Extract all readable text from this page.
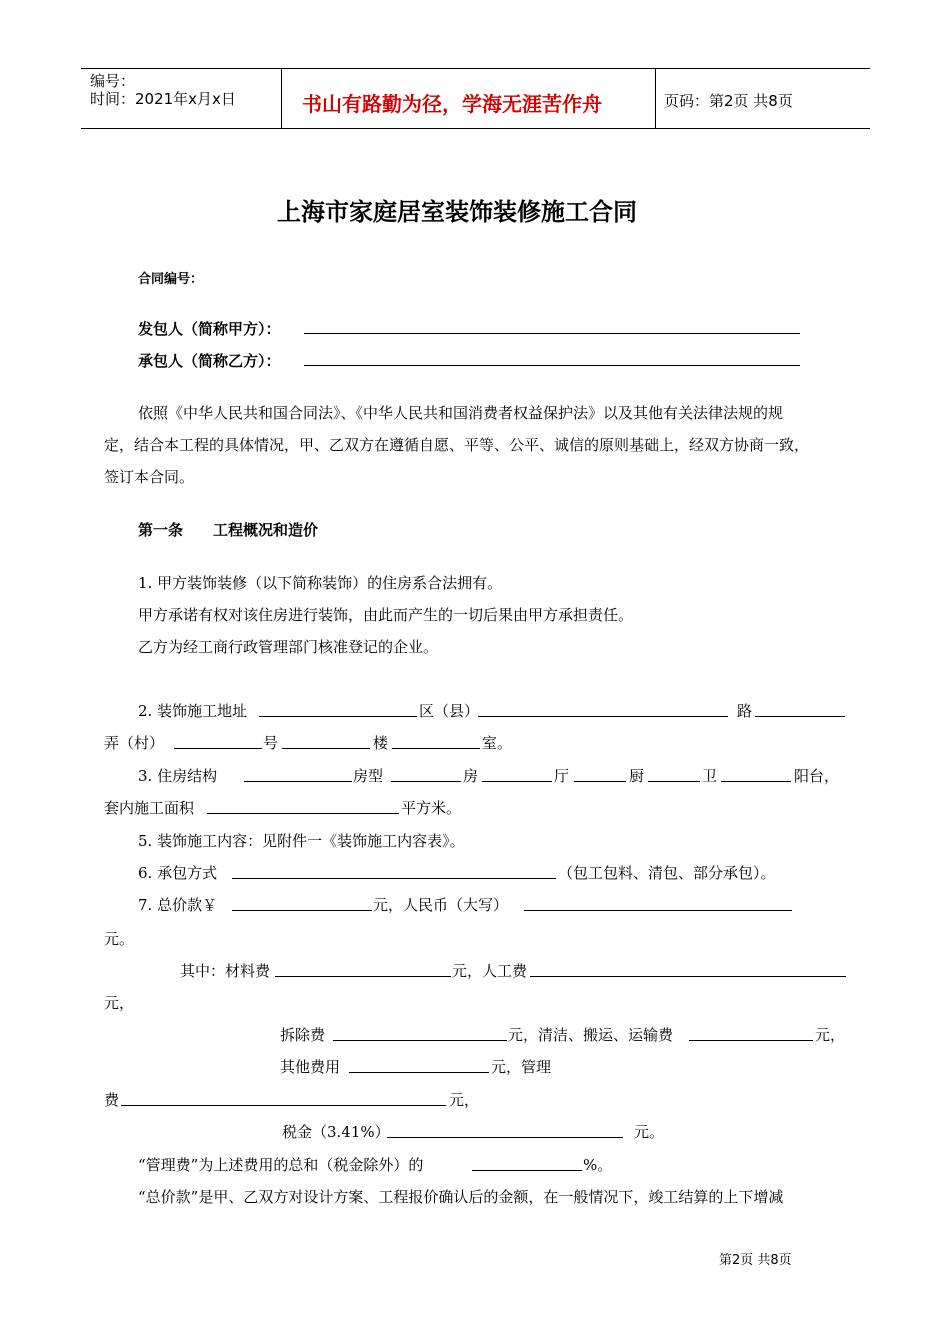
编号：
时间：2021年x月x日	书山有路勤为径，学海无涯苦作舟	页码：第2页 共8页
上海市家庭居室装饰装修施工合同
合同编号：
发包人（简称甲方）：
承包人（简称乙方）：
依照《中华人民共和国合同法》、《中华人民共和国消费者权益保护法》以及其他有关法律法规的规
定，结合本工程的具体情况，甲、乙双方在遵循自愿、平等、公平、诚信的原则基础上，经双方协商一致，
签订本合同。
第一条 工程概况和造价
1. 甲方装饰装修（以下简称装饰）的住房系合法拥有。
甲方承诺有权对该住房进行装饰，由此而产生的一切后果由甲方承担责任。
乙方为经工商行政管理部门核准登记的企业。
2. 装饰施工地址	区（县）	路
弄（村）	号	楼	室。
3. 住房结构	房型	房	厅	厨	卫	阳台，
套内施工面积	平方米。
5. 装饰施工内容：见附件一《装饰施工内容表》。
6. 承包方式	（包工包料、清包、部分承包）。
7. 总价款￥	元，人民币（大写）
元。
其中：材料费	元，人工费
元，
拆除费	元，清洁、搬运、运输费	元，
其他费用	元，管理
费	元，
税金（3.41%）	元。
“管理费”为上述费用的总和（税金除外）的	%。
“总价款”是甲、乙双方对设计方案、工程报价确认后的金额，在一般情况下，竣工结算的上下增减
第2页 共8页
